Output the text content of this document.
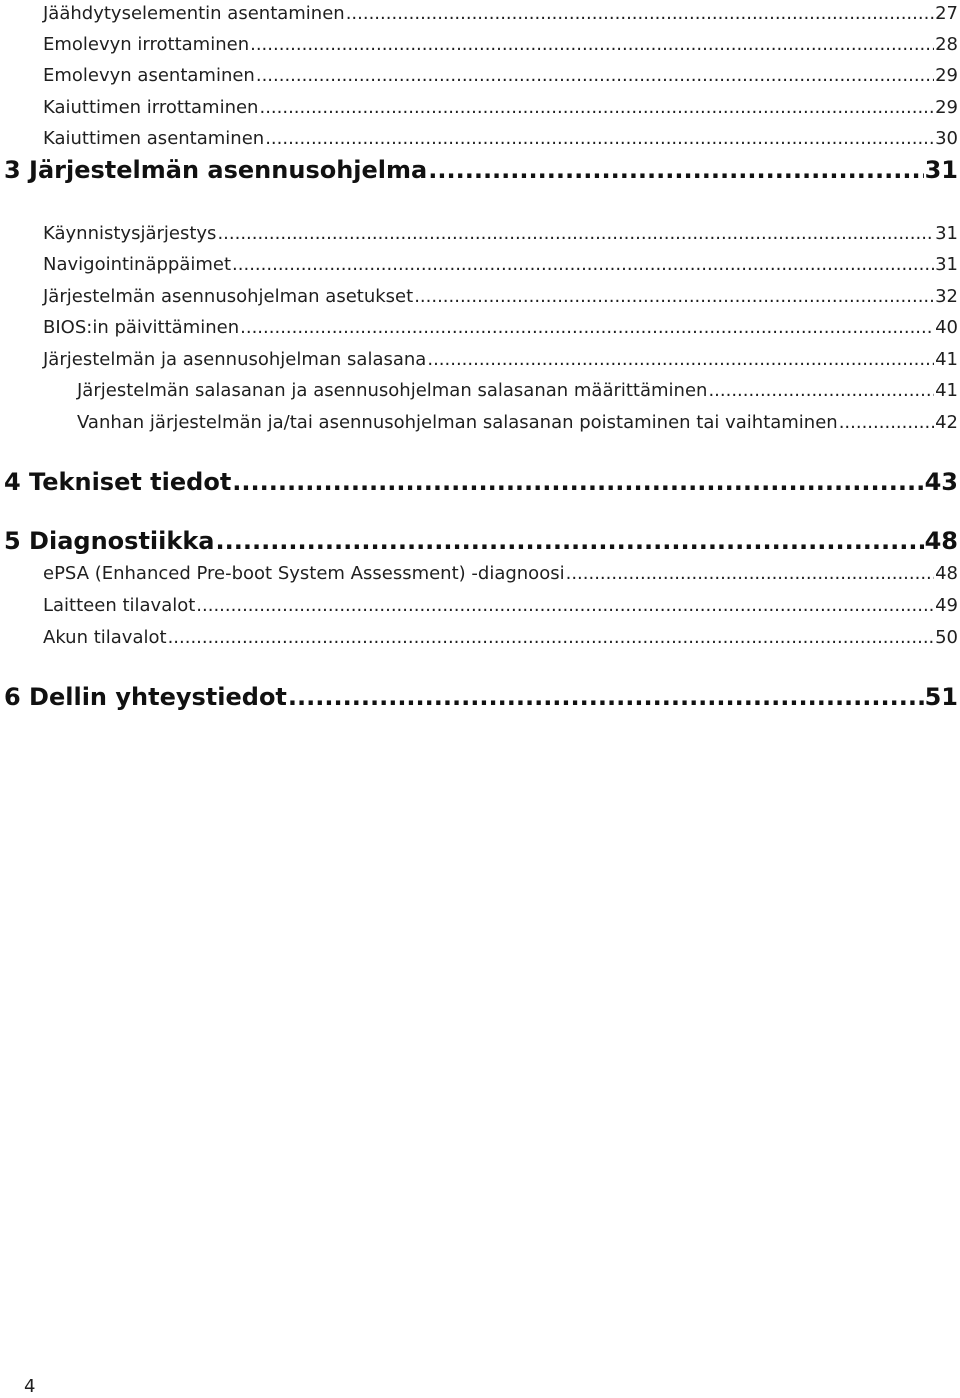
Jäähdytyselementin asentaminen .....	27
Emolevyn irrottaminen .....	28
Emolevyn asentaminen .....	29
Kaiuttimen irrottaminen .....	29
Kaiuttimen asentaminen .....	30
3 Järjestelmän asennusohjelma .....	31
Käynnistysjärjestys .....	31
Navigointinäppäimet .....	31
Järjestelmän asennusohjelman asetukset .....	32
BIOS:in päivittäminen .....	40
Järjestelmän ja asennusohjelman salasana .....	41
Järjestelmän salasanan ja asennusohjelman salasanan määrittäminen .....	41
Vanhan järjestelmän ja/tai asennusohjelman salasanan poistaminen tai vaihtaminen .....	42
4 Tekniset tiedot .....	43
5 Diagnostiikka .....	48
ePSA (Enhanced Pre-boot System Assessment) -diagnoosi .....	48
Laitteen tilavalot .....	49
Akun tilavalot .....	50
6 Dellin yhteystiedot .....	51
4
